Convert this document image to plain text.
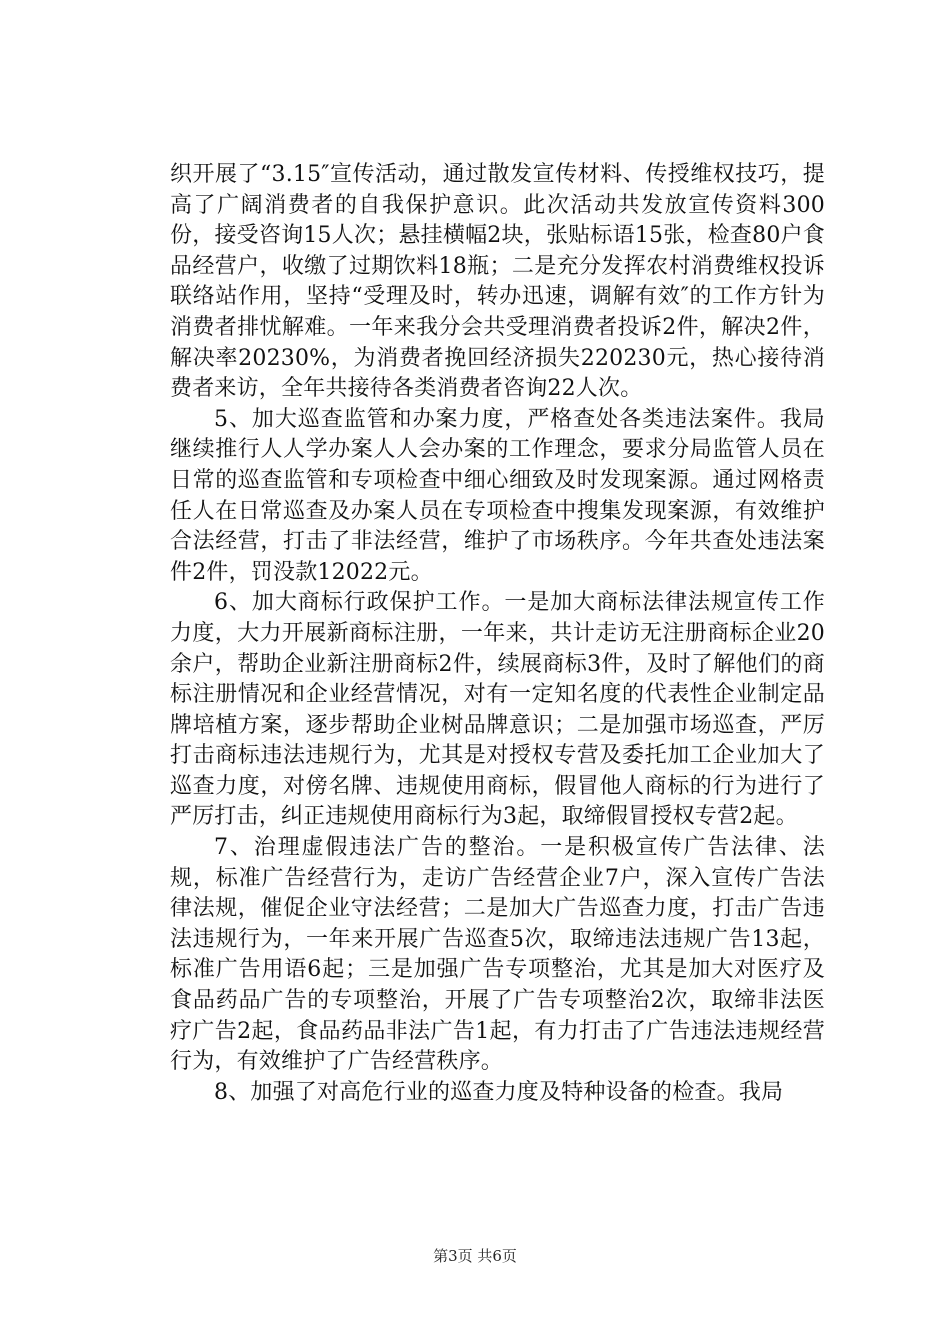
织开展了“3.15″宣传活动，通过散发宣传材料、传授维权技巧，提高了广阔消费者的自我保护意识。此次活动共发放宣传资料300份，接受咨询15人次；悬挂横幅2块，张贴标语15张，检查80户食品经营户，收缴了过期饮料18瓶；二是充分发挥农村消费维权投诉联络站作用，坚持“受理及时，转办迅速，调解有效″的工作方针为消费者排忧解难。一年来我分会共受理消费者投诉2件，解决2件，解决率20230%，为消费者挽回经济损失220230元，热心接待消费者来访，全年共接待各类消费者咨询22人次。

5、加大巡查监管和办案力度，严格查处各类违法案件。我局继续推行人人学办案人人会办案的工作理念，要求分局监管人员在日常的巡查监管和专项检查中细心细致及时发现案源。通过网格责任人在日常巡查及办案人员在专项检查中搜集发现案源，有效维护合法经营，打击了非法经营，维护了市场秩序。今年共查处违法案件2件，罚没款12022元。

6、加大商标行政保护工作。一是加大商标法律法规宣传工作力度，大力开展新商标注册，一年来，共计走访无注册商标企业20余户，帮助企业新注册商标2件，续展商标3件，及时了解他们的商标注册情况和企业经营情况，对有一定知名度的代表性企业制定品牌培植方案，逐步帮助企业树品牌意识；二是加强市场巡查，严厉打击商标违法违规行为，尤其是对授权专营及委托加工企业加大了巡查力度，对傍名牌、违规使用商标，假冒他人商标的行为进行了严厉打击，纠正违规使用商标行为3起，取缔假冒授权专营2起。

7、治理虚假违法广告的整治。一是积极宣传广告法律、法规，标准广告经营行为，走访广告经营企业7户，深入宣传广告法律法规，催促企业守法经营；二是加大广告巡查力度，打击广告违法违规行为，一年来开展广告巡查5次，取缔违法违规广告13起，标准广告用语6起；三是加强广告专项整治，尤其是加大对医疗及食品药品广告的专项整治，开展了广告专项整治2次，取缔非法医疗广告2起，食品药品非法广告1起，有力打击了广告违法违规经营行为，有效维护了广告经营秩序。

8、加强了对高危行业的巡查力度及特种设备的检查。我局

第3页 共6页
